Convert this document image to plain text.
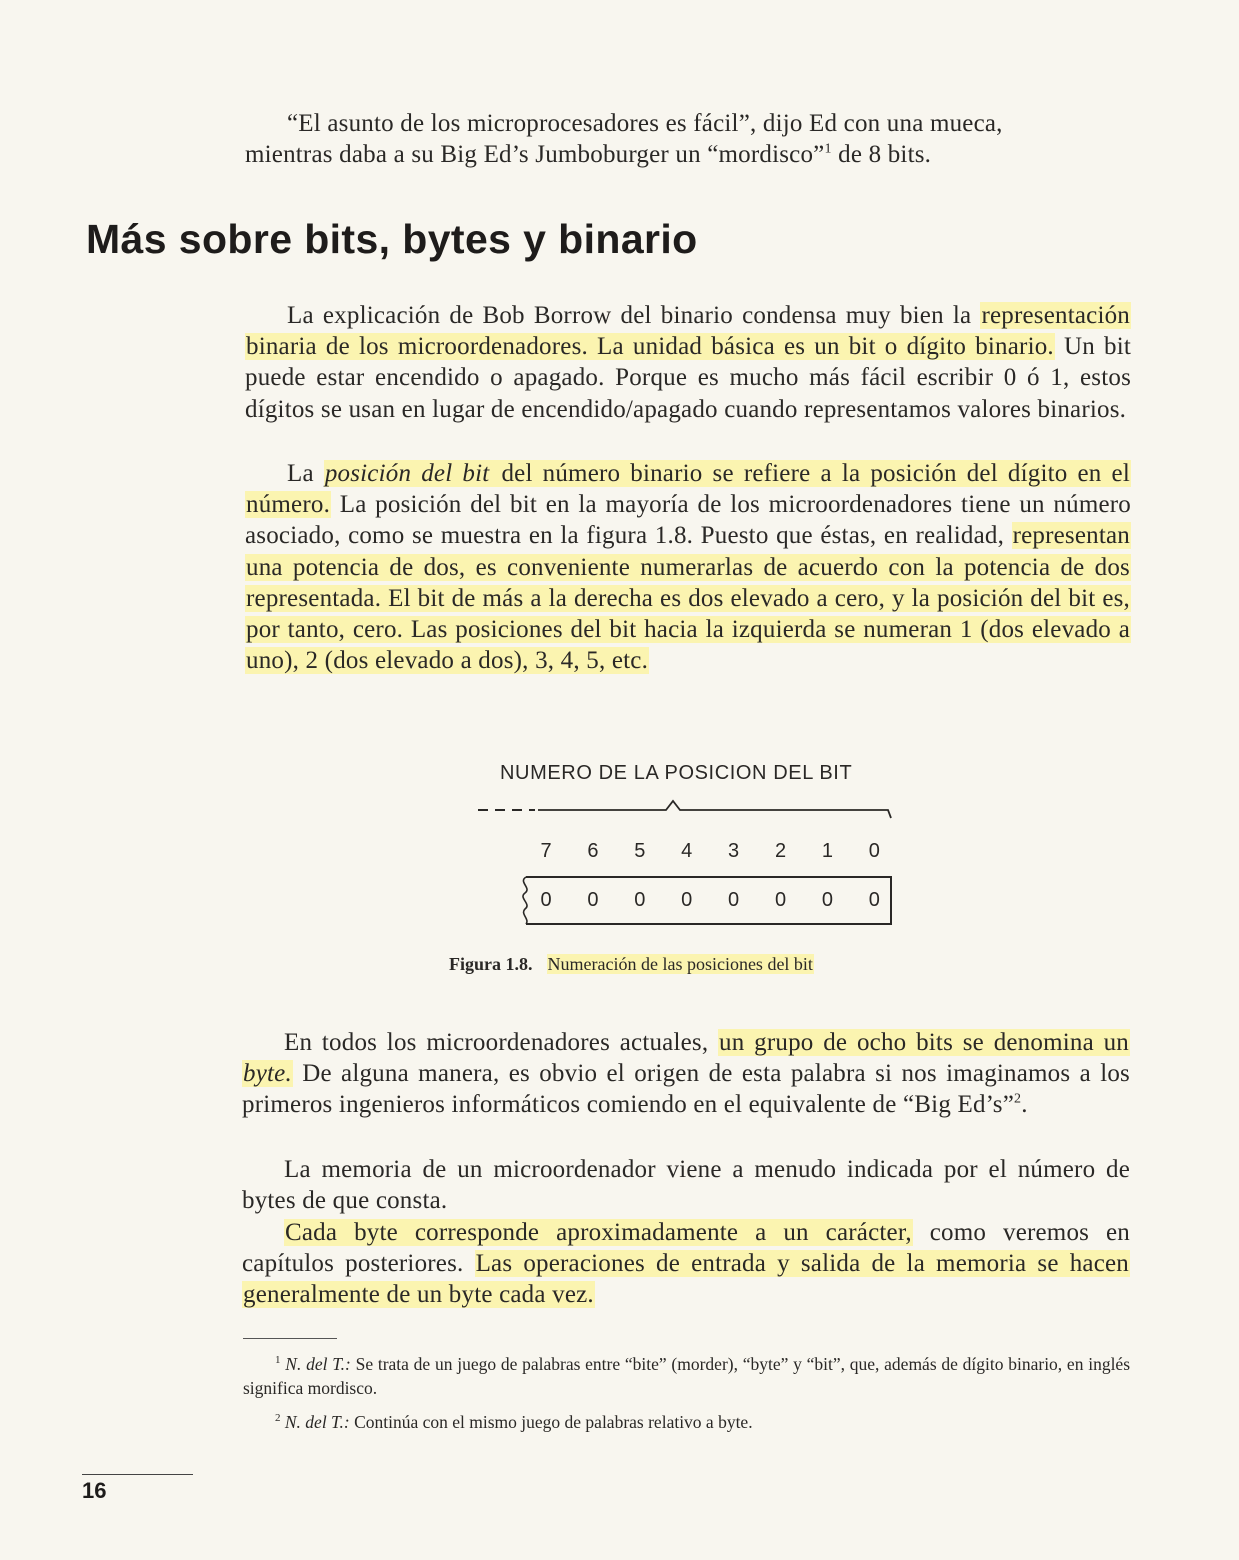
“El asunto de los microprocesadores es fácil”, dijo Ed con una mueca,
mientras daba a su Big Ed’s Jumboburger un “mordisco”$^1$ de 8 bits.

Más sobre bits, bytes y binario

La explicación de Bob Borrow del binario condensa muy bien la representación binaria de los microordenadores. La unidad básica es un bit o dígito binario. Un bit puede estar encendido o apagado. Porque es mucho más fácil escribir 0 ó 1, estos dígitos se usan en lugar de encendido/apagado cuando representamos valores binarios.

La posición del bit del número binario se refiere a la posición del dígito en el número. La posición del bit en la mayoría de los microordenadores tiene un número asociado, como se muestra en la figura 1.8. Puesto que éstas, en realidad, representan una potencia de dos, es conveniente numerarlas de acuerdo con la potencia de dos representada. El bit de más a la derecha es dos elevado a cero, y la posición del bit es, por tanto, cero. Las posiciones del bit hacia la izquierda se numeran 1 (dos elevado a uno), 2 (dos elevado a dos), 3, 4, 5, etc.

NUMERO DE LA POSICION DEL BIT
7 6 5 4 3 2 1 0
0 0 0 0 0 0 0 0
Figura 1.8. Numeración de las posiciones del bit

En todos los microordenadores actuales, un grupo de ocho bits se denomina un byte. De alguna manera, es obvio el origen de esta palabra si nos imaginamos a los primeros ingenieros informáticos comiendo en el equivalente de “Big Ed’s”$^2$.

La memoria de un microordenador viene a menudo indicada por el número de bytes de que consta.

Cada byte corresponde aproximadamente a un carácter, como veremos en capítulos posteriores. Las operaciones de entrada y salida de la memoria se hacen generalmente de un byte cada vez.

$^1$ N. del T.: Se trata de un juego de palabras entre “bite” (morder), “byte” y “bit”, que, además de dígito binario, en inglés significa mordisco.

$^2$ N. del T.: Continúa con el mismo juego de palabras relativo a byte.

16
